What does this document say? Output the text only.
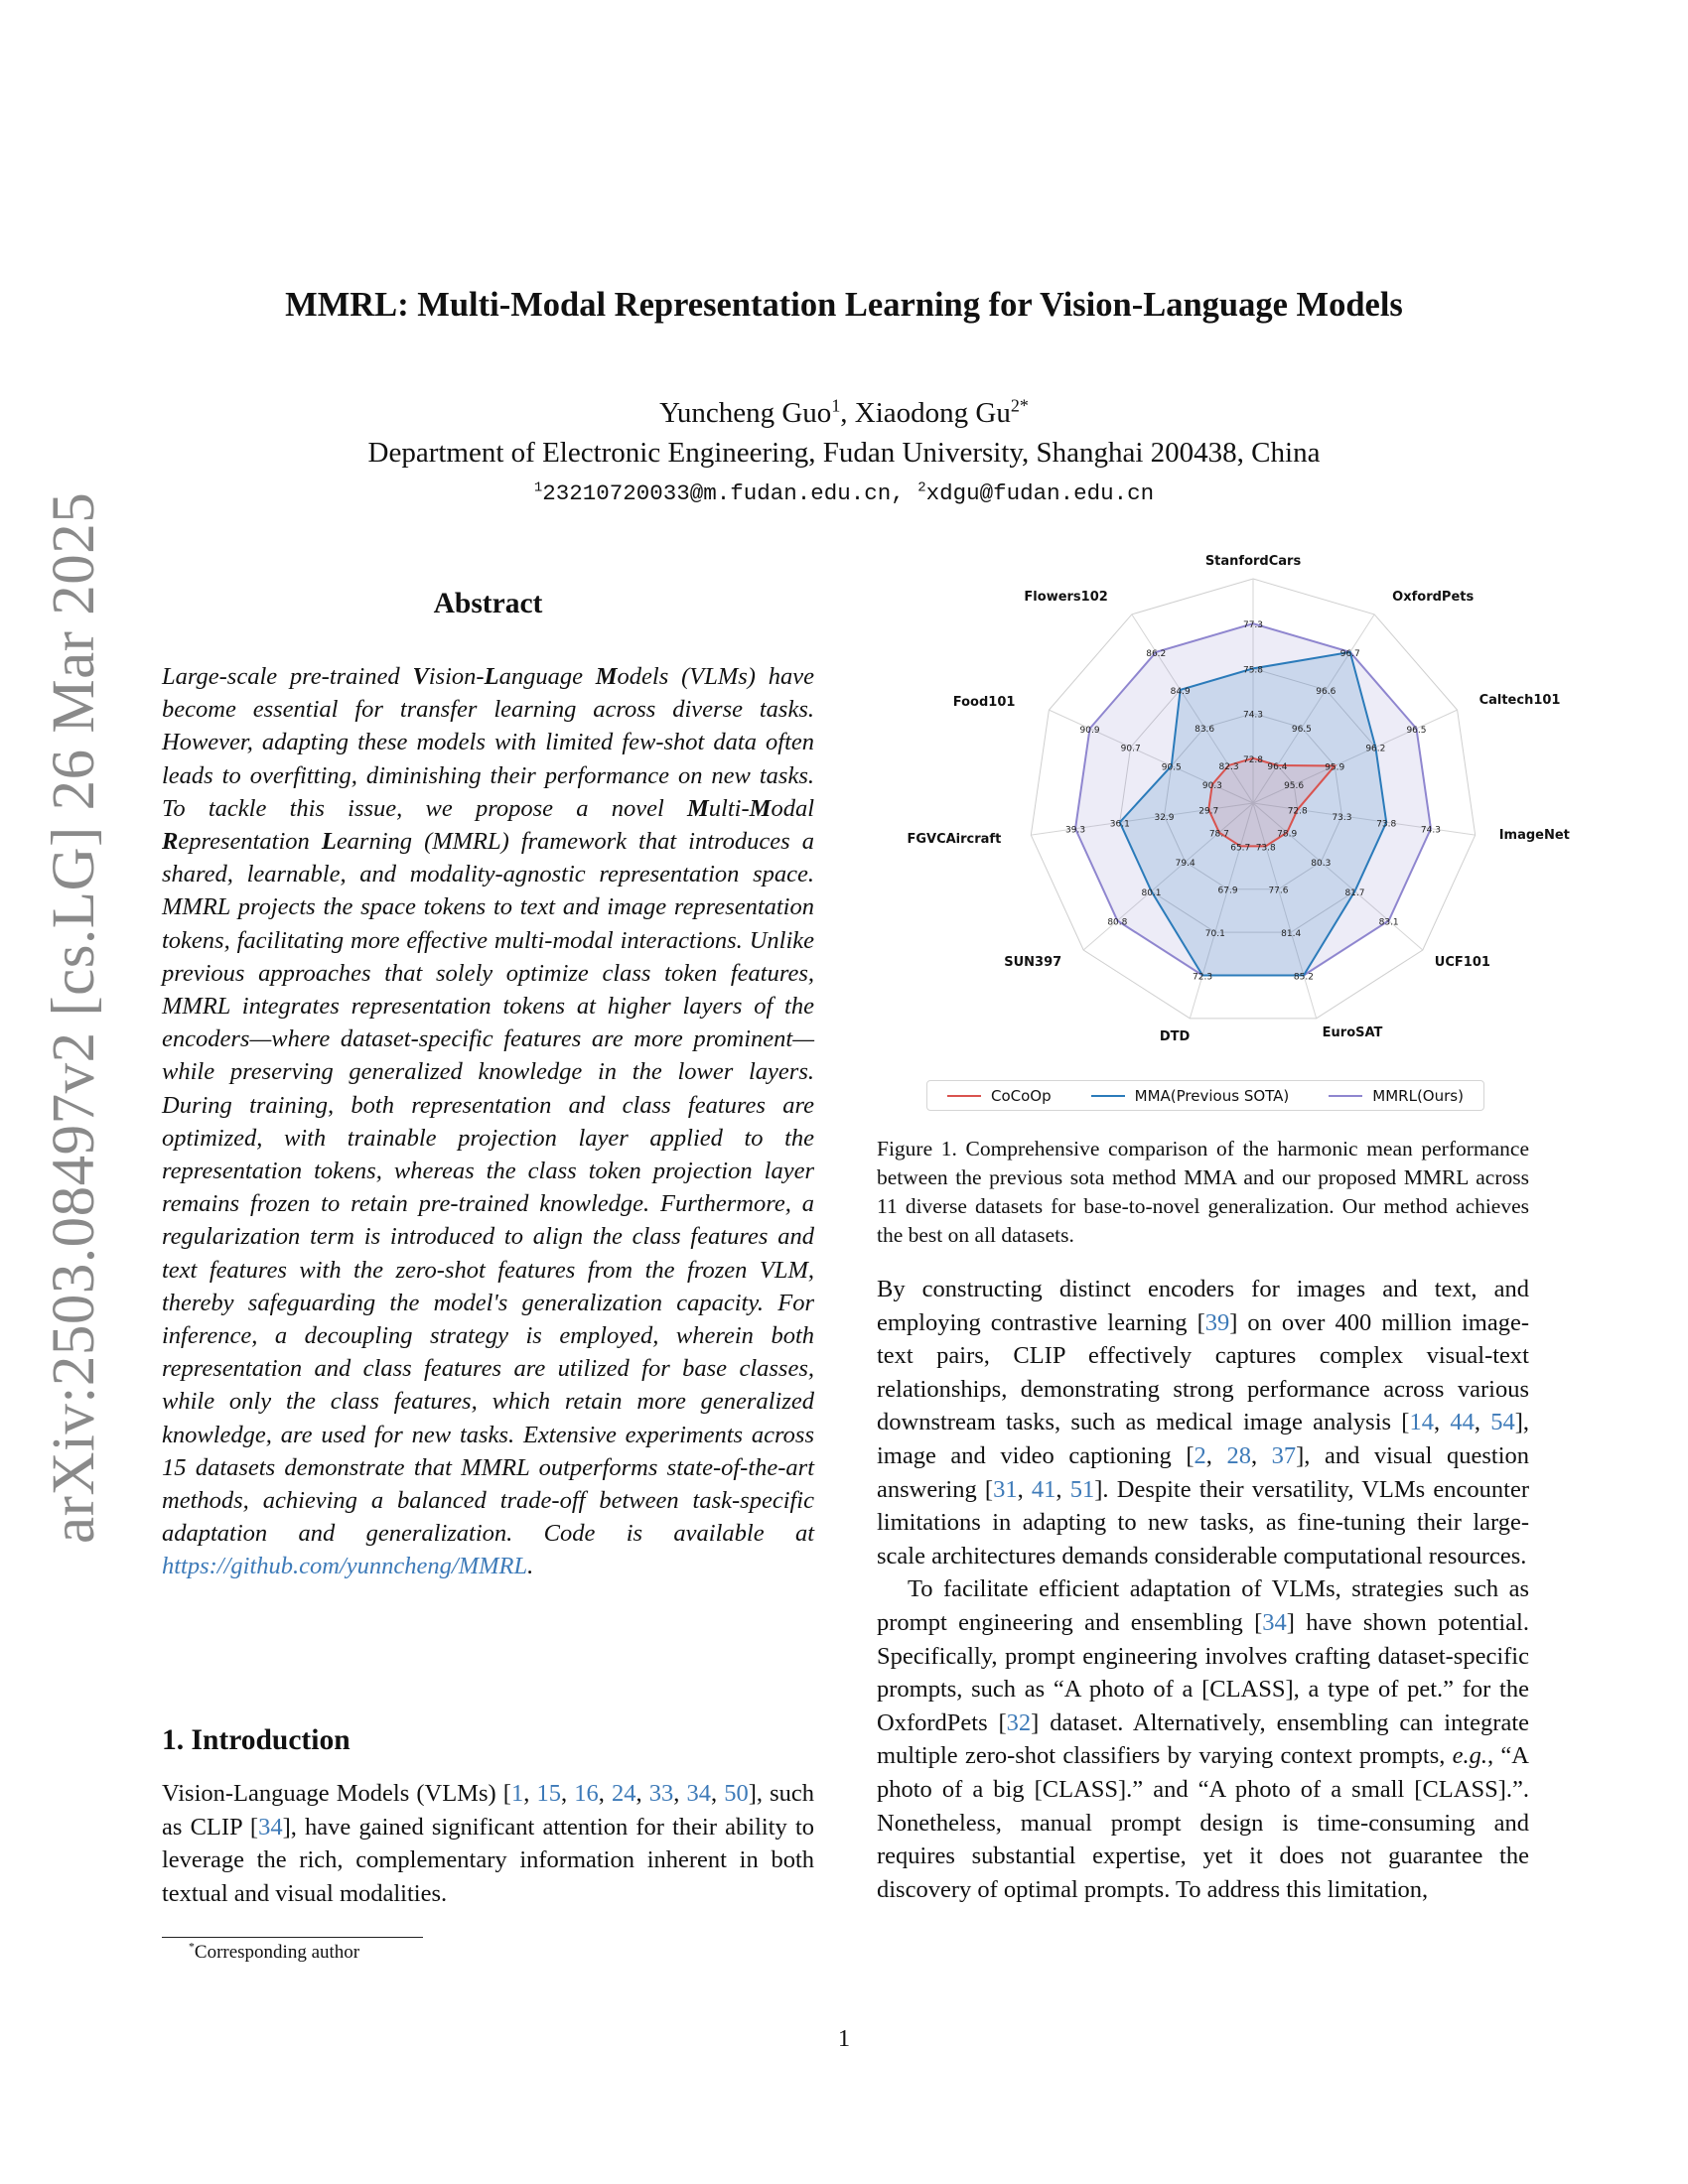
arXiv:2503.08497v2 [cs.LG] 26 Mar 2025
MMRL: Multi-Modal Representation Learning for Vision-Language Models
Yuncheng Guo$^1$, Xiaodong $Gu^{2*}$
Department of Electronic Engineering, Fudan University, Shanghai 200438, China
$^1$23210720033@m.fudan.edu.cn, $^2$xdgu@fudan.edu.cn
Abstract
Large-scale pre-trained Vision-Language Models (VLMs) have become essential for transfer learning across diverse tasks. However, adapting these models with limited few-shot data often leads to overfitting, diminishing their performance on new tasks. To tackle this issue, we propose a novel Multi-Modal Representation Learning (MMRL) framework that introduces a shared, learnable, and modality-agnostic representation space. MMRL projects the space tokens to text and image representation tokens, facilitating more effective multi-modal interactions. Unlike previous approaches that solely optimize class token features, MMRL integrates representation tokens at higher layers of the encoders—where dataset-specific features are more prominent—while preserving generalized knowledge in the lower layers. During training, both representation and class features are optimized, with trainable projection layer applied to the representation tokens, whereas the class token projection layer remains frozen to retain pre-trained knowledge. Furthermore, a regularization term is introduced to align the class features and text features with the zero-shot features from the frozen VLM, thereby safeguarding the model's generalization capacity. For inference, a decoupling strategy is employed, wherein both representation and class features are utilized for base classes, while only the class features, which retain more generalized knowledge, are used for new tasks. Extensive experiments across 15 datasets demonstrate that MMRL outperforms state-of-the-art methods, achieving a balanced trade-off between task-specific adaptation and generalization. Code is available at https://github.com/yunncheng/MMRL.
1. Introduction
Vision-Language Models (VLMs) [1, 15, 16, 24, 33, 34, 50], such as CLIP [34], have gained significant attention for their ability to leverage the rich, complementary information inherent in both textual and visual modalities.
*Corresponding author
77.3
75.8
74.3
72.8
96.7
96.6
96.5
96.4
96.5
96.2
95.9
95.6
74.3
73.8
73.3
72.8
83.1
81.7
80.3
78.9
85.2
81.4
77.6
73.8
72.3
70.1
67.9
65.7
80.8
80.1
79.4
78.7
39.3
36.1
32.9
29.7
90.9
90.7
90.5
90.3
86.2
84.9
83.6
82.3
StanfordCars
OxfordPets
Caltech101
ImageNet
UCF101
EuroSAT
DTD
SUN397
FGVCAircraft
Food101
Flowers102
CoCoOp	MMA(Previous SOTA)	MMRL(Ours)
Figure 1. Comprehensive comparison of the harmonic mean performance between the previous sota method MMA and our proposed MMRL across 11 diverse datasets for base-to-novel generalization. Our method achieves the best on all datasets.

By constructing distinct encoders for images and text, and employing contrastive learning [39] on over 400 million image-text pairs, CLIP effectively captures complex visual-text relationships, demonstrating strong performance across various downstream tasks, such as medical image analysis [14, 44, 54], image and video captioning [2, 28, 37], and visual question answering [31, 41, 51]. Despite their versatility, VLMs encounter limitations in adapting to new tasks, as fine-tuning their large-scale architectures demands considerable computational resources.

To facilitate efficient adaptation of VLMs, strategies such as prompt engineering and ensembling [34] have shown potential. Specifically, prompt engineering involves crafting dataset-specific prompts, such as “A photo of a [CLASS], a type of pet.” for the OxfordPets [32] dataset. Alternatively, ensembling can integrate multiple zero-shot classifiers by varying context prompts, e.g., “A photo of a big [CLASS].” and “A photo of a small [CLASS].”. Nonetheless, manual prompt design is time-consuming and requires substantial expertise, yet it does not guarantee the discovery of optimal prompts. To address this limitation,

1
